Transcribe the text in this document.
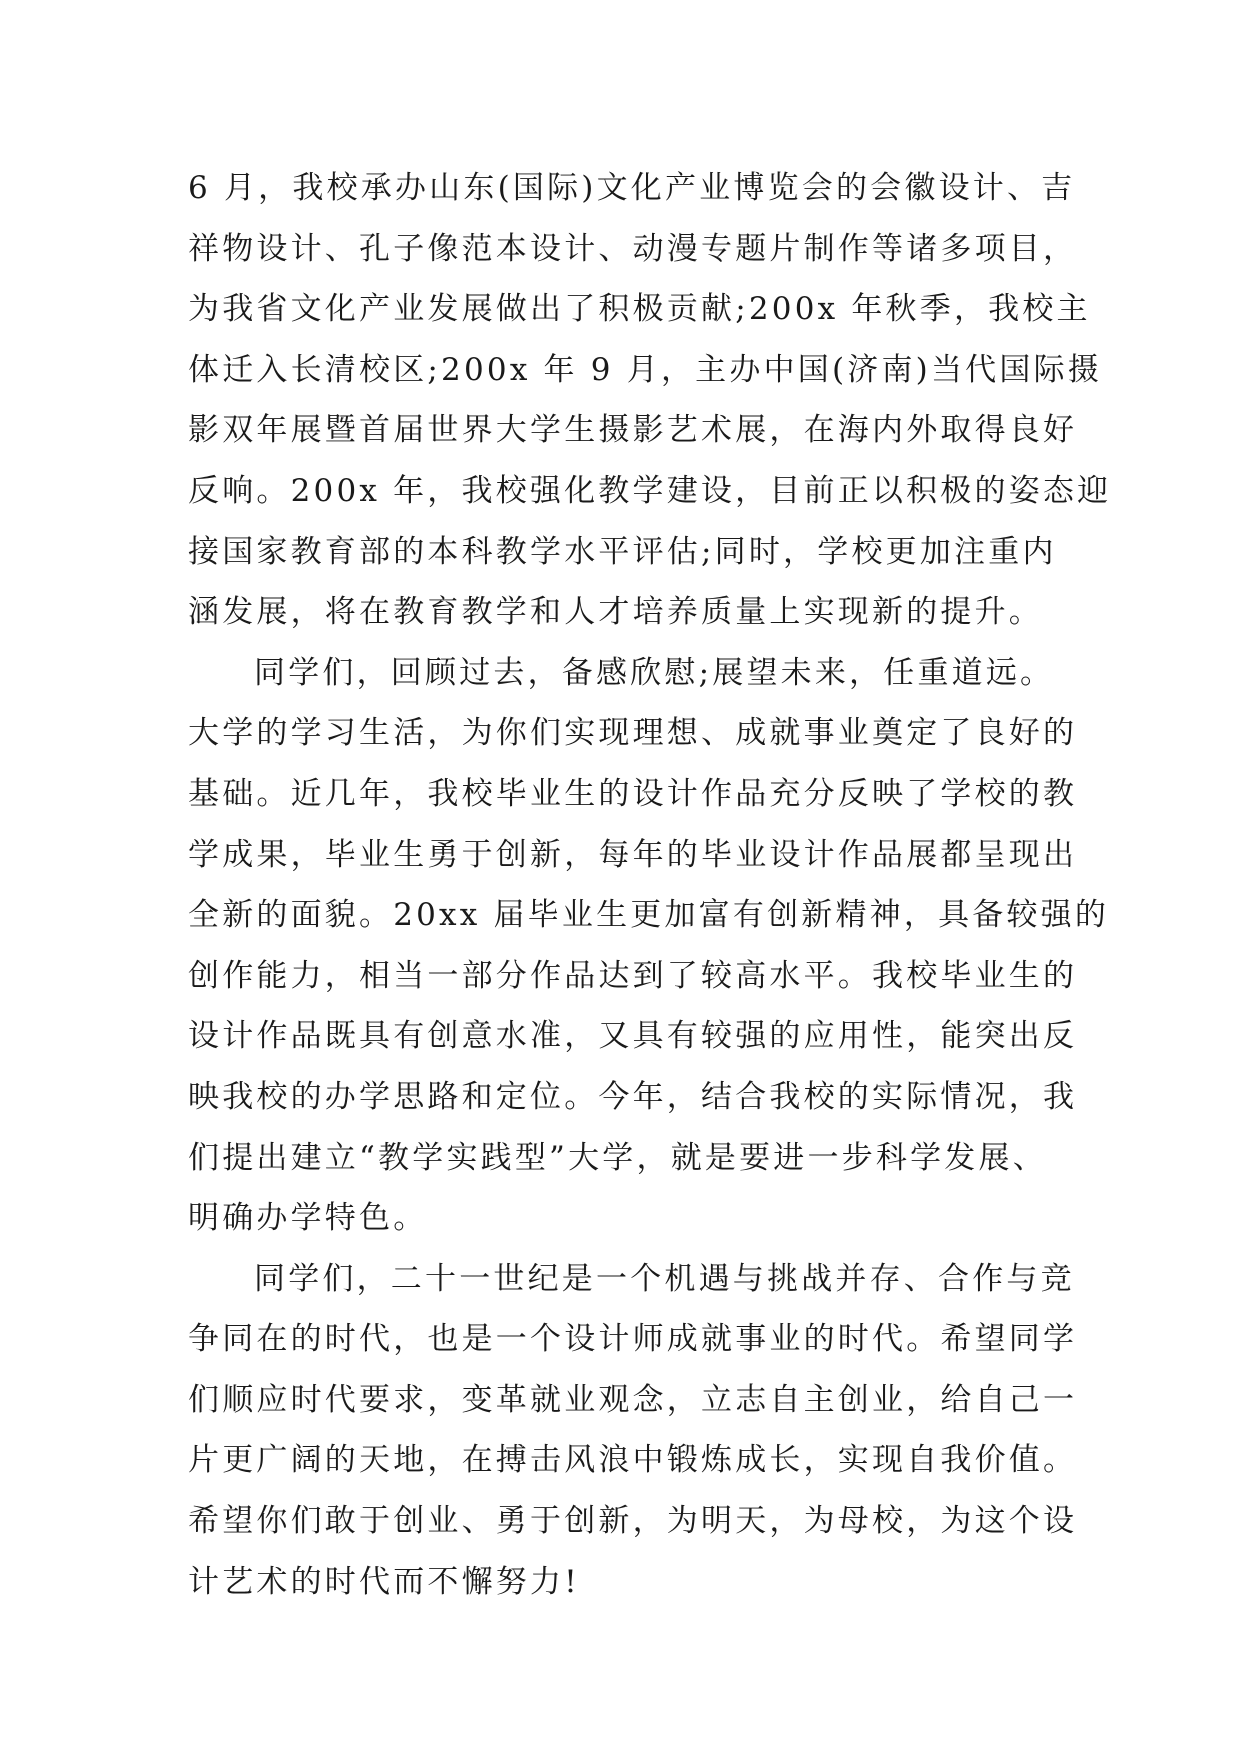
6 月，我校承办山东(国际)文化产业博览会的会徽设计、吉
祥物设计、孔子像范本设计、动漫专题片制作等诸多项目，
为我省文化产业发展做出了积极贡献;200x 年秋季，我校主
体迁入长清校区;200x 年 9 月，主办中国(济南)当代国际摄
影双年展暨首届世界大学生摄影艺术展，在海内外取得良好
反响。200x 年，我校强化教学建设，目前正以积极的姿态迎
接国家教育部的本科教学水平评估;同时，学校更加注重内
涵发展，将在教育教学和人才培养质量上实现新的提升。
同学们，回顾过去，备感欣慰;展望未来，任重道远。
大学的学习生活，为你们实现理想、成就事业奠定了良好的
基础。近几年，我校毕业生的设计作品充分反映了学校的教
学成果，毕业生勇于创新，每年的毕业设计作品展都呈现出
全新的面貌。20xx 届毕业生更加富有创新精神，具备较强的
创作能力，相当一部分作品达到了较高水平。我校毕业生的
设计作品既具有创意水准，又具有较强的应用性，能突出反
映我校的办学思路和定位。今年，结合我校的实际情况，我
们提出建立“教学实践型”大学，就是要进一步科学发展、
明确办学特色。
同学们，二十一世纪是一个机遇与挑战并存、合作与竞
争同在的时代，也是一个设计师成就事业的时代。希望同学
们顺应时代要求，变革就业观念，立志自主创业，给自己一
片更广阔的天地，在搏击风浪中锻炼成长，实现自我价值。
希望你们敢于创业、勇于创新，为明天，为母校，为这个设
计艺术的时代而不懈努力!
